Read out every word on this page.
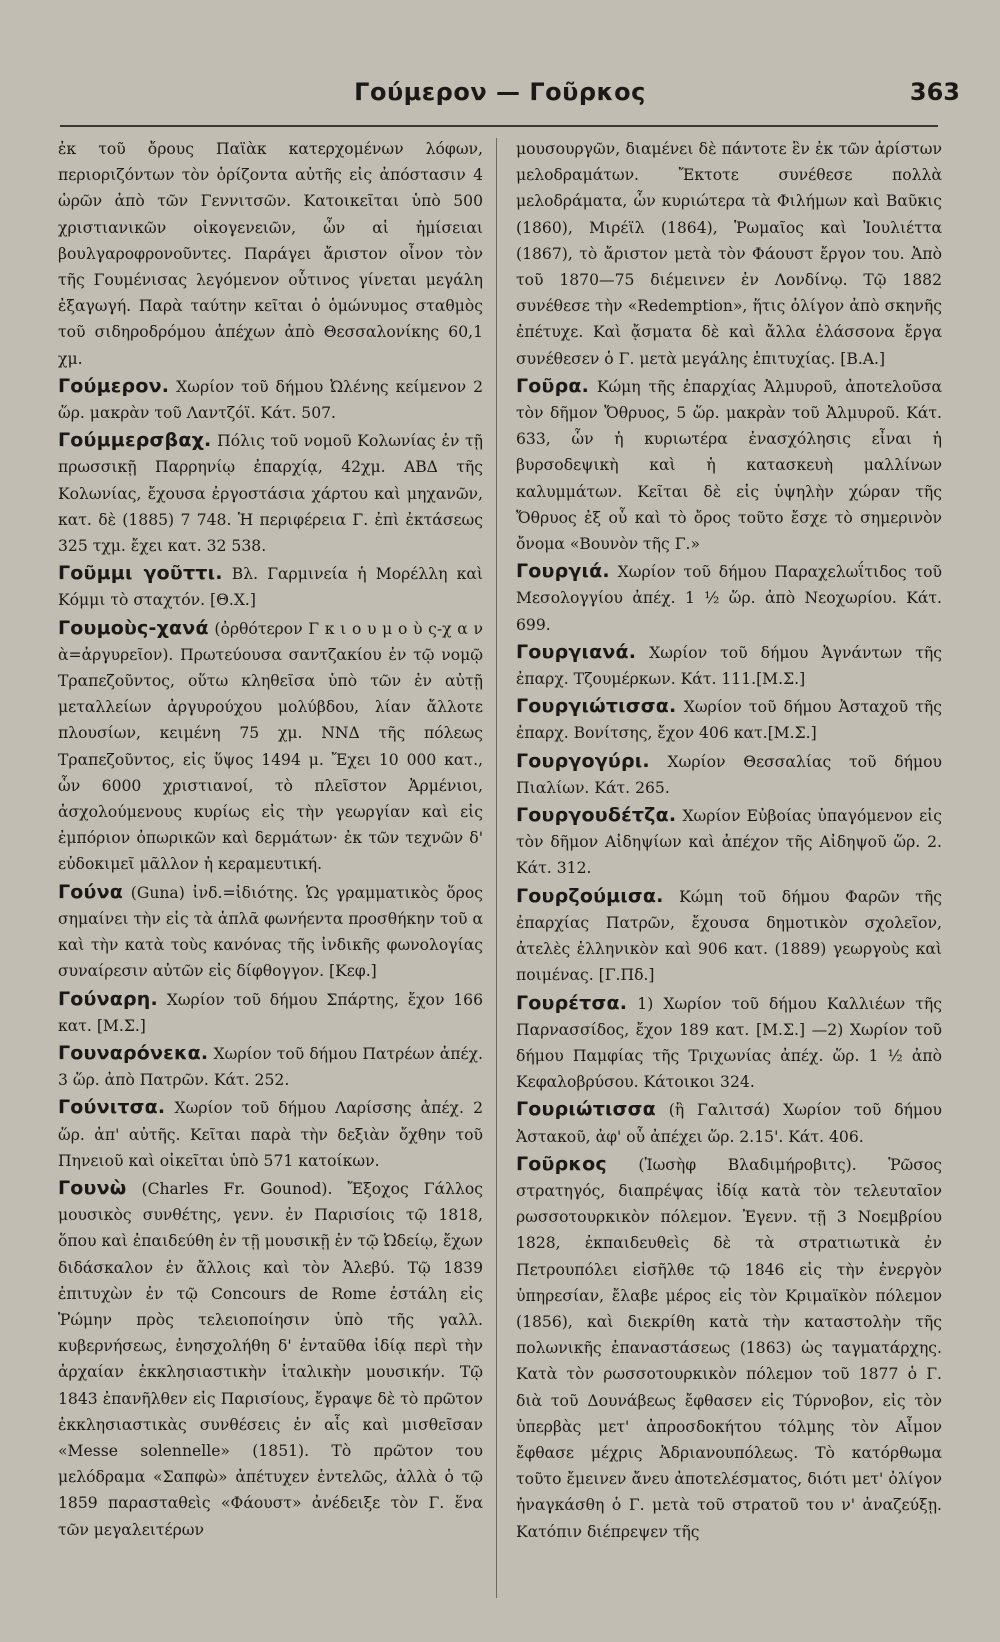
Γούμερον — Γοῦρκος	363

ἐκ τοῦ ὄρους Παϊὰκ κατερχομένων λόφων, περιοριζόντων τὸν ὁρίζοντα αὐτῆς εἰς ἀπόστασιν 4 ὡρῶν ἀπὸ τῶν Γεννιτσῶν. Κατοικεῖται ὑπὸ 500 χριστιανικῶν οἰκογενειῶν, ὧν αἱ ἡμίσειαι βουλγαροφρονοῦντες. Παράγει ἄριστον οἶνον τὸν τῆς Γουμένισας λεγόμενον οὗτινος γίνεται μεγάλη ἐξαγωγή. Παρὰ ταύτην κεῖται ὁ ὁμώνυμος σταθμὸς τοῦ σιδηροδρόμου ἀπέχων ἀπὸ Θεσσαλονίκης 60,1 χμ.

Γούμερον. Χωρίον τοῦ δήμου Ὠλένης κείμενον 2 ὥρ. μακρὰν τοῦ Λαντζόϊ. Κάτ. 507.

Γούμμερσβαχ. Πόλις τοῦ νομοῦ Κολωνίας ἐν τῇ πρωσσικῇ Παρρηνίῳ ἐπαρχίᾳ, 42χμ. ΑΒΔ τῆς Κολωνίας, ἔχουσα ἐργοστάσια χάρτου καὶ μηχανῶν, κατ. δὲ (1885) 7 748. Ἡ περιφέρεια Γ. ἐπὶ ἐκτάσεως 325 τχμ. ἔχει κατ. 32 538.

Γοῦμμι γοῦττι. Βλ. Γαρμινεία ἡ Μορέλλη καὶ Κόμμι τὸ σταχτόν. [Θ.Χ.]

Γουμοὺς-χανά (ὀρθότερον Γ κ ι ο υ μ ο ὺ ς-χ α ν ὰ=ἀργυρεῖον). Πρωτεύουσα σαντζακίου ἐν τῷ νομῷ Τραπεζοῦντος, οὕτω κληθεῖσα ὑπὸ τῶν ἐν αὐτῇ μεταλλείων ἀργυρούχου μολύβδου, λίαν ἄλλοτε πλουσίων, κειμένη 75 χμ. ΝΝΔ τῆς πόλεως Τραπεζοῦντος, εἰς ὕψος 1494 μ. Ἔχει 10 000 κατ., ὧν 6000 χριστιανοί, τὸ πλεῖστον Ἀρμένιοι, ἀσχολούμενους κυρίως εἰς τὴν γεωργίαν καὶ εἰς ἐμπόριον ὀπωρικῶν καὶ δερμάτων· ἐκ τῶν τεχνῶν δ' εὐδοκιμεῖ μᾶλλον ἡ κεραμευτική.

Γούνα (Guna) ἰνδ.=ἰδιότης. Ὡς γραμματικὸς ὅρος σημαίνει τὴν εἰς τὰ ἁπλᾶ φωνήεντα προσθήκην τοῦ α καὶ τὴν κατὰ τοὺς κανόνας τῆς ἰνδικῆς φωνολογίας συναίρεσιν αὐτῶν εἰς δίφθογγον. [Κεφ.]

Γούναρη. Χωρίον τοῦ δήμου Σπάρτης, ἔχον 166 κατ. [Μ.Σ.]

Γουναρόνεκα. Χωρίον τοῦ δήμου Πατρέων ἀπέχ. 3 ὥρ. ἀπὸ Πατρῶν. Κάτ. 252.

Γούνιτσα. Χωρίον τοῦ δήμου Λαρίσσης ἀπέχ. 2 ὥρ. ἀπ' αὐτῆς. Κεῖται παρὰ τὴν δεξιὰν ὄχθην τοῦ Πηνειοῦ καὶ οἰκεῖται ὑπὸ 571 κατοίκων.

Γουνὼ (Charles Fr. Gounod). Ἔξοχος Γάλλος μουσικὸς συνθέτης, γενν. ἐν Παρισίοις τῷ 1818, ὅπου καὶ ἐπαιδεύθη ἐν τῇ μουσικῇ ἐν τῷ Ὠδείῳ, ἔχων διδάσκαλον ἐν ἄλλοις καὶ τὸν Ἀλεβύ. Τῷ 1839 ἐπιτυχὼν ἐν τῷ Concours de Rome ἐστάλη εἰς Ῥώμην πρὸς τελειοποίησιν ὑπὸ τῆς γαλλ. κυβερνήσεως, ἐνησχολήθη δ' ἐνταῦθα ἰδίᾳ περὶ τὴν ἀρχαίαν ἐκκλησιαστικὴν ἰταλικὴν μουσικήν. Τῷ 1843 ἐπανῆλθεν εἰς Παρισίους, ἔγραψε δὲ τὸ πρῶτον ἐκκλησιαστικὰς συνθέσεις ἐν αἷς καὶ μισθεῖσαν «Messe solennelle» (1851). Τὸ πρῶτον του μελόδραμα «Σαπφὼ» ἀπέτυχεν ἐντελῶς, ἀλλὰ ὁ τῷ 1859 παρασταθεὶς «Φάουστ» ἀνέδειξε τὸν Γ. ἕνα τῶν μεγαλειτέρων

μουσουργῶν, διαμένει δὲ πάντοτε ἓν ἐκ τῶν ἀρίστων μελοδραμάτων. Ἔκτοτε συνέθεσε πολλὰ μελοδράματα, ὧν κυριώτερα τὰ Φιλήμων καὶ Βαῦκις (1860), Μιρέϊλ (1864), Ῥωμαῖος καὶ Ἰουλιέττα (1867), τὸ ἄριστον μετὰ τὸν Φάουστ ἔργον του. Ἀπὸ τοῦ 1870—75 διέμεινεν ἐν Λονδίνῳ. Τῷ 1882 συνέθεσε τὴν «Redemption», ἥτις ὀλίγον ἀπὸ σκηνῆς ἐπέτυχε. Καὶ ᾄσματα δὲ καὶ ἄλλα ἐλάσσονα ἔργα συνέθεσεν ὁ Γ. μετὰ μεγάλης ἐπιτυχίας. [Β.Α.]

Γοῦρα. Κώμη τῆς ἐπαρχίας Ἀλμυροῦ, ἀποτελοῦσα τὸν δῆμον Ὄθρυος, 5 ὥρ. μακρὰν τοῦ Ἀλμυροῦ. Κάτ. 633, ὧν ἡ κυριωτέρα ἐνασχόλησις εἶναι ἡ βυρσοδεψικὴ καὶ ἡ κατασκευὴ μαλλίνων καλυμμάτων. Κεῖται δὲ εἰς ὑψηλὴν χώραν τῆς Ὄθρυος ἐξ οὗ καὶ τὸ ὄρος τοῦτο ἔσχε τὸ σημερινὸν ὄνομα «Βουνὸν τῆς Γ.»

Γουργιά. Χωρίον τοῦ δήμου Παραχελωΐτιδος τοῦ Μεσολογγίου ἀπέχ. 1 ½ ὥρ. ἀπὸ Νεοχωρίου. Κάτ. 699.

Γουργιανά. Χωρίον τοῦ δήμου Ἀγνάντων τῆς ἐπαρχ. Τζουμέρκων. Κάτ. 111.[Μ.Σ.]

Γουργιώτισσα. Χωρίον τοῦ δήμου Ἀσταχοῦ τῆς ἐπαρχ. Βονίτσης, ἔχον 406 κατ.[Μ.Σ.]

Γουργογύρι. Χωρίον Θεσσαλίας τοῦ δήμου Πιαλίων. Κάτ. 265.

Γουργουδέτζα. Χωρίον Εὐβοίας ὑπαγόμενον εἰς τὸν δῆμον Αἰδηψίων καὶ ἀπέχον τῆς Αἰδηψοῦ ὥρ. 2. Κάτ. 312.

Γουρζούμισα. Κώμη τοῦ δήμου Φαρῶν τῆς ἐπαρχίας Πατρῶν, ἔχουσα δημοτικὸν σχολεῖον, ἀτελὲς ἑλληνικὸν καὶ 906 κατ. (1889) γεωργοὺς καὶ ποιμένας. [Γ.Πδ.]

Γουρέτσα. 1) Χωρίον τοῦ δήμου Καλλιέων τῆς Παρνασσίδος, ἔχον 189 κατ. [Μ.Σ.] —2) Χωρίον τοῦ δήμου Παμφίας τῆς Τριχωνίας ἀπέχ. ὥρ. 1 ½ ἀπὸ Κεφαλοβρύσου. Κάτοικοι 324.

Γουριώτισσα (ἢ Γαλιτσά) Χωρίον τοῦ δήμου Ἀστακοῦ, ἀφ' οὗ ἀπέχει ὥρ. 2.15'. Κάτ. 406.

Γοῦρκος (Ἰωσὴφ Βλαδιμήροβιτς). Ῥῶσος στρατηγός, διαπρέψας ἰδίᾳ κατὰ τὸν τελευταῖον ρωσσοτουρκικὸν πόλεμον. Ἐγενν. τῇ 3 Νοεμβρίου 1828, ἐκπαιδευθεὶς δὲ τὰ στρατιωτικὰ ἐν Πετρουπόλει εἰσῆλθε τῷ 1846 εἰς τὴν ἐνεργὸν ὑπηρεσίαν, ἔλαβε μέρος εἰς τὸν Κριμαϊκὸν πόλεμον (1856), καὶ διεκρίθη κατὰ τὴν καταστολὴν τῆς πολωνικῆς ἐπαναστάσεως (1863) ὡς ταγματάρχης. Κατὰ τὸν ρωσσοτουρκικὸν πόλεμον τοῦ 1877 ὁ Γ. διὰ τοῦ Δουνάβεως ἔφθασεν εἰς Τύρνοβον, εἰς τὸν ὑπερβὰς μετ' ἀπροσδοκήτου τόλμης τὸν Αἷμον ἔφθασε μέχρις Ἀδριανουπόλεως. Τὸ κατόρθωμα τοῦτο ἔμεινεν ἄνευ ἀποτελέσματος, διότι μετ' ὀλίγον ἠναγκάσθη ὁ Γ. μετὰ τοῦ στρατοῦ του ν' ἀναζεύξῃ. Κατόπιν διέπρεψεν τῆς
